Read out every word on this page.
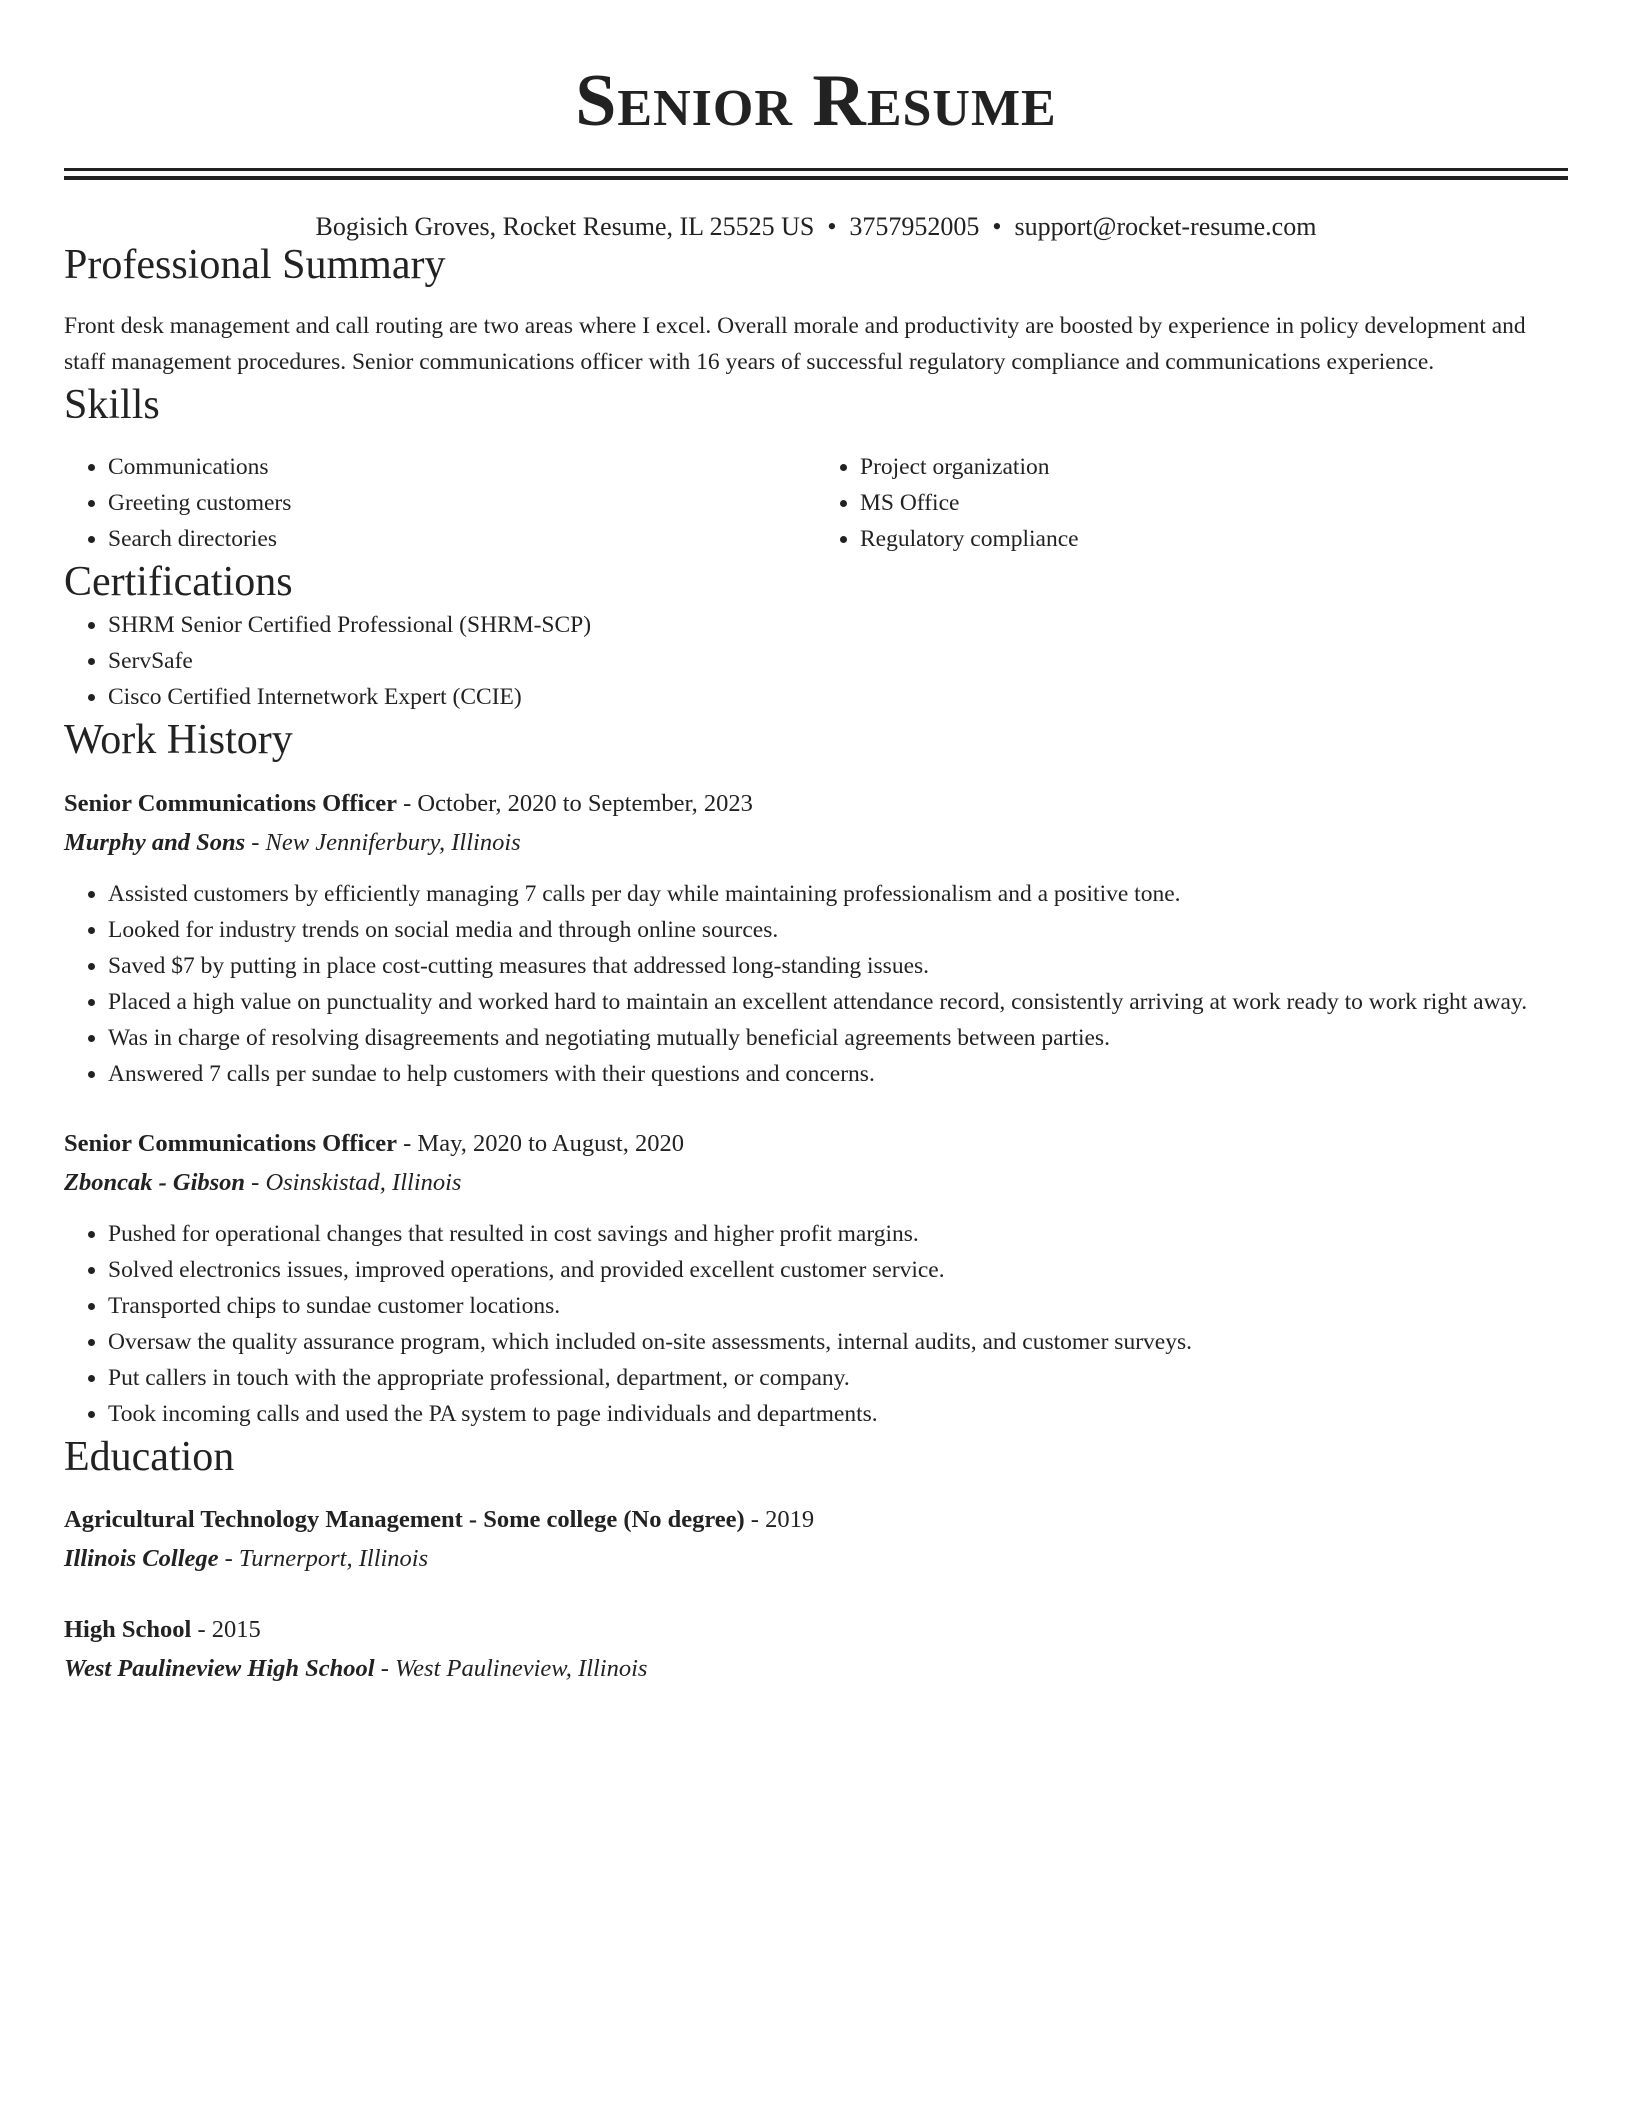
Senior Resume
Bogisich Groves, Rocket Resume, IL 25525 US • 3757952005 • support@rocket-resume.com
Professional Summary
Front desk management and call routing are two areas where I excel. Overall morale and productivity are boosted by experience in policy development and staff management procedures. Senior communications officer with 16 years of successful regulatory compliance and communications experience.
Skills
• Communications
• Greeting customers
• Search directories
• Project organization
• MS Office
• Regulatory compliance
Certifications
• SHRM Senior Certified Professional (SHRM-SCP)
• ServSafe
• Cisco Certified Internetwork Expert (CCIE)
Work History
Senior Communications Officer - October, 2020 to September, 2023
Murphy and Sons - New Jenniferbury, Illinois
• Assisted customers by efficiently managing 7 calls per day while maintaining professionalism and a positive tone.
• Looked for industry trends on social media and through online sources.
• Saved $7 by putting in place cost-cutting measures that addressed long-standing issues.
• Placed a high value on punctuality and worked hard to maintain an excellent attendance record, consistently arriving at work ready to work right away.
• Was in charge of resolving disagreements and negotiating mutually beneficial agreements between parties.
• Answered 7 calls per sundae to help customers with their questions and concerns.
Senior Communications Officer - May, 2020 to August, 2020
Zboncak - Gibson - Osinskistad, Illinois
• Pushed for operational changes that resulted in cost savings and higher profit margins.
• Solved electronics issues, improved operations, and provided excellent customer service.
• Transported chips to sundae customer locations.
• Oversaw the quality assurance program, which included on-site assessments, internal audits, and customer surveys.
• Put callers in touch with the appropriate professional, department, or company.
• Took incoming calls and used the PA system to page individuals and departments.
Education
Agricultural Technology Management - Some college (No degree) - 2019
Illinois College - Turnerport, Illinois
High School - 2015
West Paulineview High School - West Paulineview, Illinois
